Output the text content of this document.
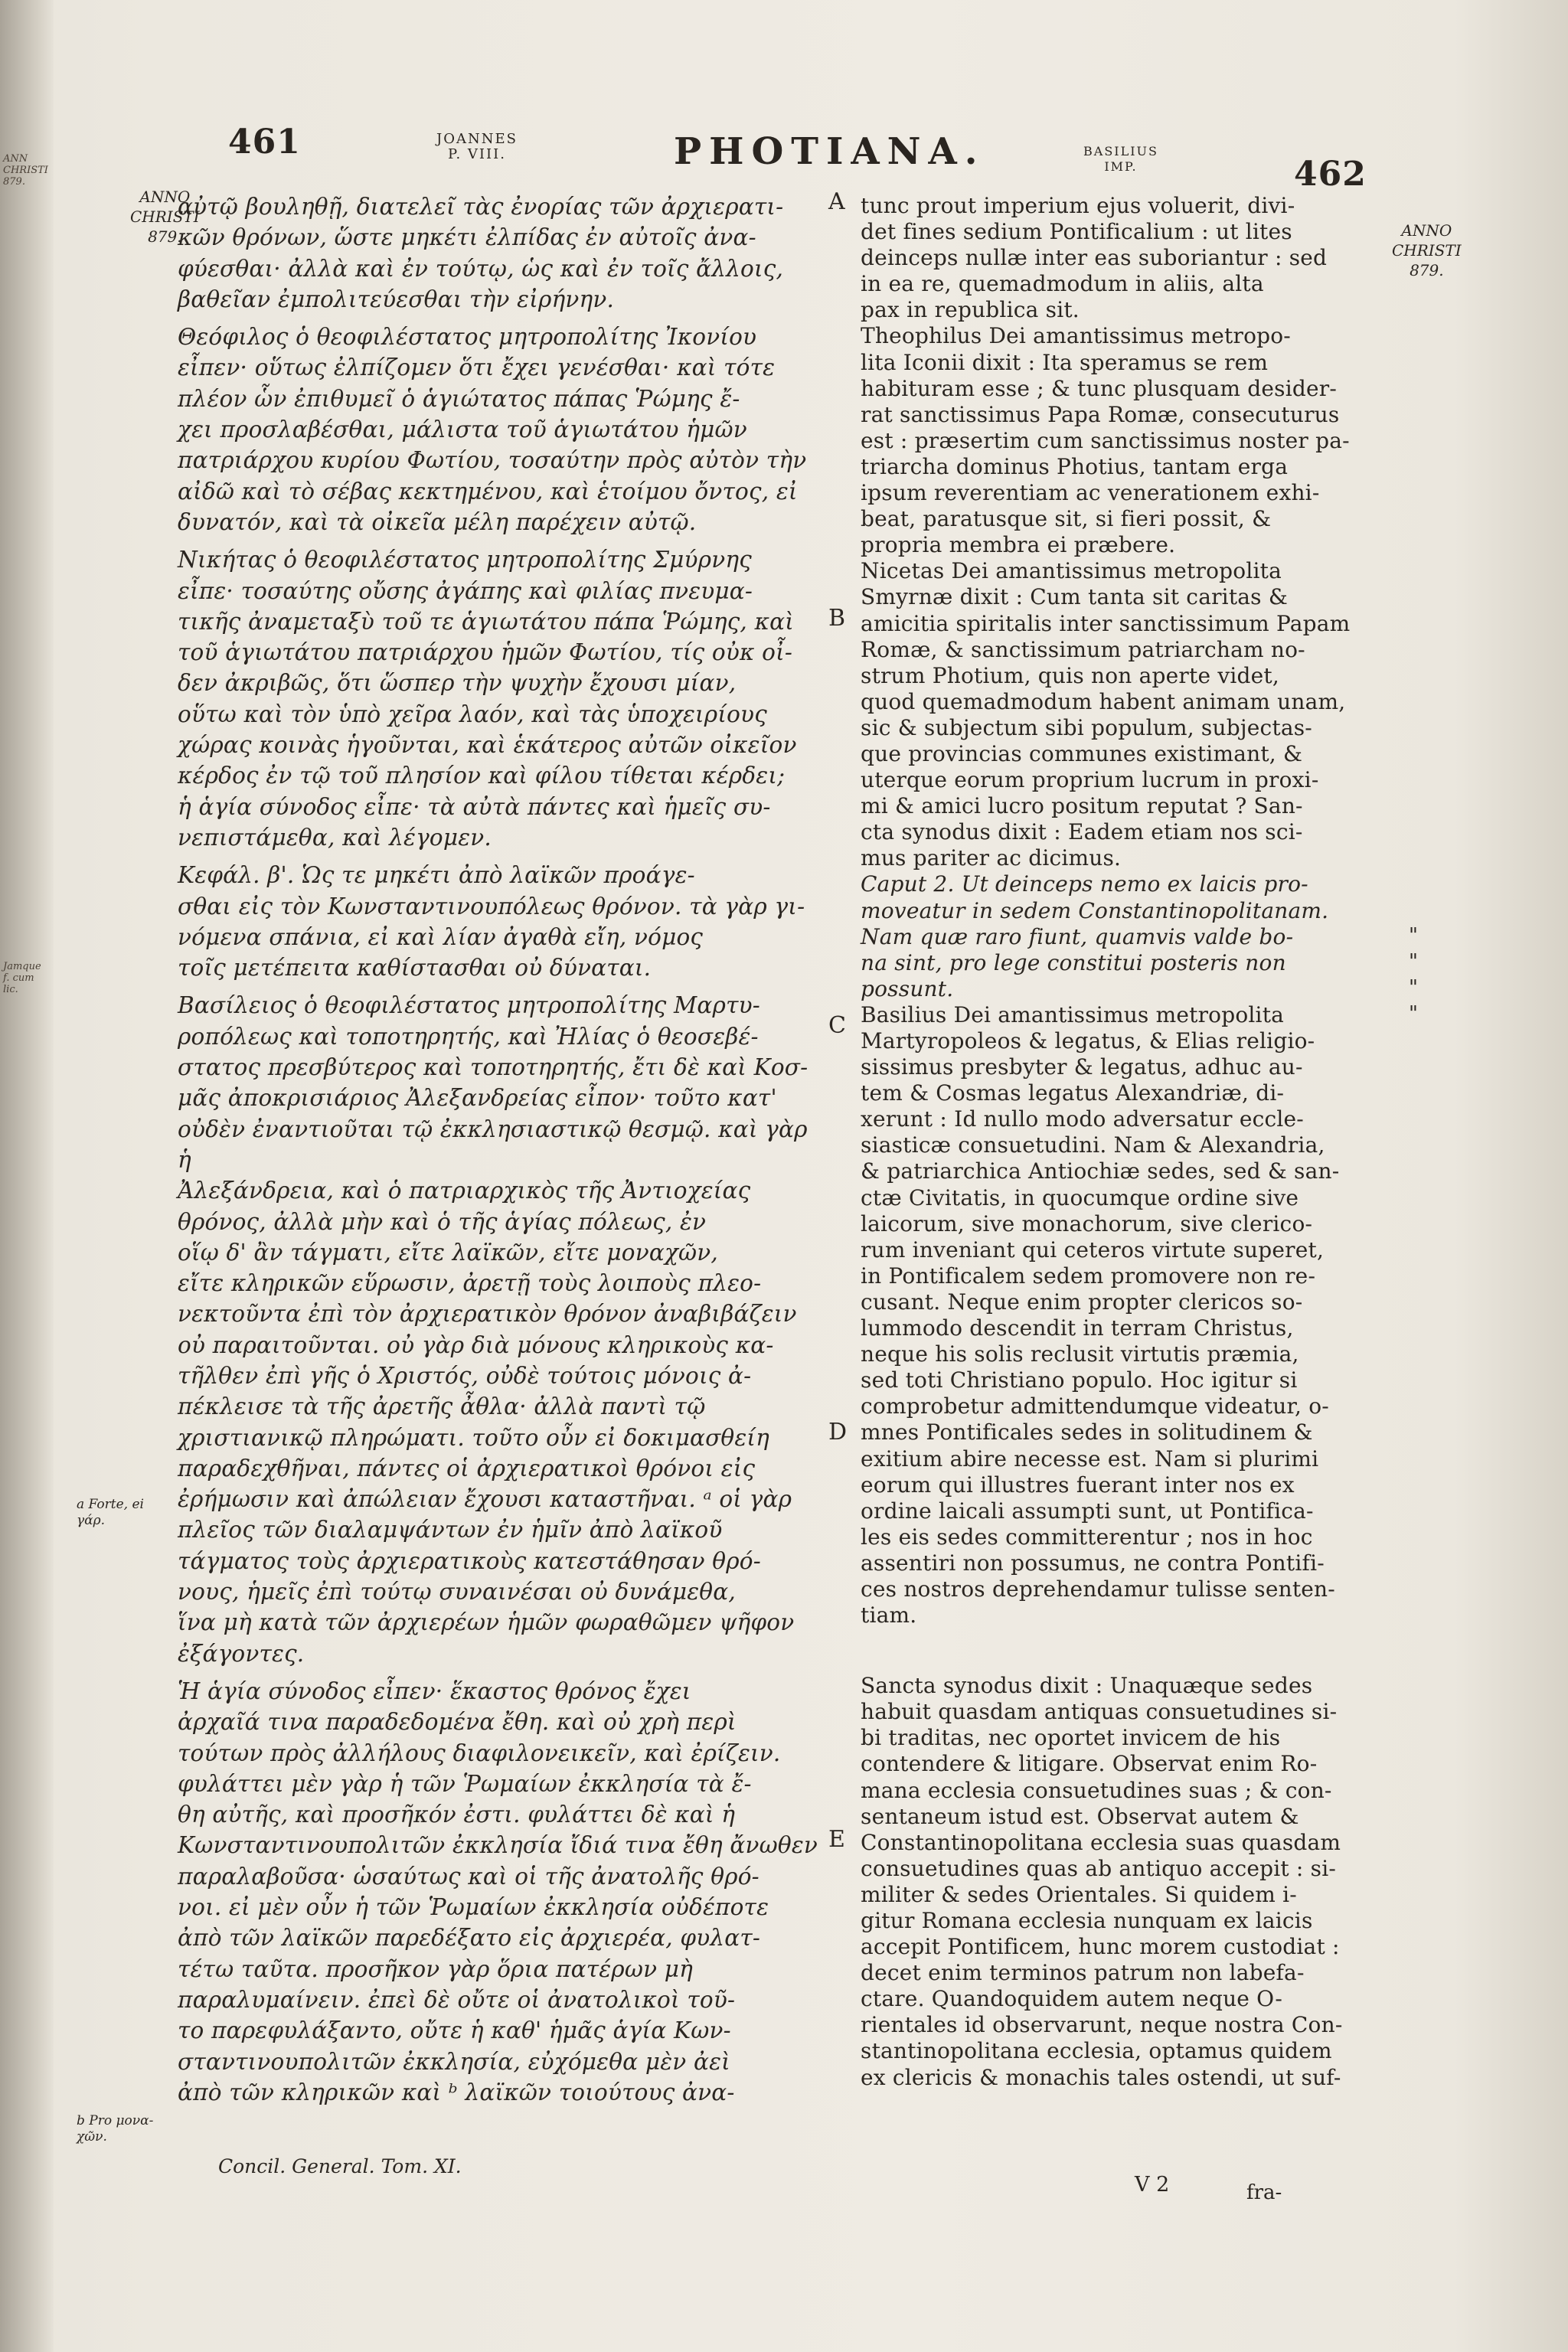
ANN
CHRISTI
879.
Jamque
f. cum
lic.
461	JOANNES
P. VIII.	PHOTIANA.	BASILIUS
IMP.	462
ANNO
CHRISTI
879.	ANNO
CHRISTI
879.
A
B
C
D
E
a Forte, ei
γάρ.
b Pro μονα-
χῶν.
"
"
"
"

αὐτῷ βουληθῇ, διατελεῖ τὰς ἐνορίας τῶν ἀρχιερατι-
κῶν θρόνων, ὥστε μηκέτι ἐλπίδας ἐν αὐτοῖς ἀνα-
φύεσθαι· ἀλλὰ καὶ ἐν τούτῳ, ὡς καὶ ἐν τοῖς ἄλλοις,
βαθεῖαν ἐμπολιτεύεσθαι τὴν εἰρήνην.

Θεόφιλος ὁ θεοφιλέστατος μητροπολίτης Ἰκονίου
εἶπεν· οὕτως ἐλπίζομεν ὅτι ἔχει γενέσθαι· καὶ τότε
πλέον ὧν ἐπιθυμεῖ ὁ ἁγιώτατος πάπας Ῥώμης ἔ-
χει προσλαβέσθαι, μάλιστα τοῦ ἁγιωτάτου ἡμῶν
πατριάρχου κυρίου Φωτίου, τοσαύτην πρὸς αὐτὸν τὴν
αἰδῶ καὶ τὸ σέβας κεκτημένου, καὶ ἑτοίμου ὄντος, εἰ
δυνατόν, καὶ τὰ οἰκεῖα μέλη παρέχειν αὐτῷ.

Νικήτας ὁ θεοφιλέστατος μητροπολίτης Σμύρνης
εἶπε· τοσαύτης οὔσης ἀγάπης καὶ φιλίας πνευμα-
τικῆς ἀναμεταξὺ τοῦ τε ἁγιωτάτου πάπα Ῥώμης, καὶ
τοῦ ἁγιωτάτου πατριάρχου ἡμῶν Φωτίου, τίς οὐκ οἶ-
δεν ἀκριβῶς, ὅτι ὥσπερ τὴν ψυχὴν ἔχουσι μίαν,
οὕτω καὶ τὸν ὑπὸ χεῖρα λαόν, καὶ τὰς ὑποχειρίους
χώρας κοινὰς ἡγοῦνται, καὶ ἑκάτερος αὐτῶν οἰκεῖον
κέρδος ἐν τῷ τοῦ πλησίον καὶ φίλου τίθεται κέρδει;
ἡ ἁγία σύνοδος εἶπε· τὰ αὐτὰ πάντες καὶ ἡμεῖς συ-
νεπιστάμεθα, καὶ λέγομεν.

Κεφάλ. β'. Ὡς τε μηκέτι ἀπὸ λαϊκῶν προάγε-
σθαι εἰς τὸν Κωνσταντινουπόλεως θρόνον. τὰ γὰρ γι-
νόμενα σπάνια, εἰ καὶ λίαν ἀγαθὰ εἴη, νόμος
τοῖς μετέπειτα καθίστασθαι οὐ δύναται.

Βασίλειος ὁ θεοφιλέστατος μητροπολίτης Μαρτυ-
ροπόλεως καὶ τοποτηρητής, καὶ Ἠλίας ὁ θεοσεβέ-
στατος πρεσβύτερος καὶ τοποτηρητής, ἔτι δὲ καὶ Κοσ-
μᾶς ἀποκρισιάριος Ἀλεξανδρείας εἶπον· τοῦτο κατ'
οὐδὲν ἐναντιοῦται τῷ ἐκκλησιαστικῷ θεσμῷ. καὶ γὰρ ἡ
Ἀλεξάνδρεια, καὶ ὁ πατριαρχικὸς τῆς Ἀντιοχείας
θρόνος, ἀλλὰ μὴν καὶ ὁ τῆς ἁγίας πόλεως, ἐν
οἵῳ δ' ἂν τάγματι, εἴτε λαϊκῶν, εἴτε μοναχῶν,
εἴτε κληρικῶν εὕρωσιν, ἀρετῇ τοὺς λοιποὺς πλεο-
νεκτοῦντα ἐπὶ τὸν ἀρχιερατικὸν θρόνον ἀναβιβάζειν
οὐ παραιτοῦνται. οὐ γὰρ διὰ μόνους κληρικοὺς κα-
τῆλθεν ἐπὶ γῆς ὁ Χριστός, οὐδὲ τούτοις μόνοις ἀ-
πέκλεισε τὰ τῆς ἀρετῆς ἆθλα· ἀλλὰ παντὶ τῷ
χριστιανικῷ πληρώματι. τοῦτο οὖν εἰ δοκιμασθείη
παραδεχθῆναι, πάντες οἱ ἀρχιερατικοὶ θρόνοι εἰς
ἐρήμωσιν καὶ ἀπώλειαν ἔχουσι καταστῆναι. ᵃ οἱ γὰρ
πλεῖος τῶν διαλαμψάντων ἐν ἡμῖν ἀπὸ λαϊκοῦ
τάγματος τοὺς ἀρχιερατικοὺς κατεστάθησαν θρό-
νους, ἡμεῖς ἐπὶ τούτῳ συναινέσαι οὐ δυνάμεθα,
ἵνα μὴ κατὰ τῶν ἀρχιερέων ἡμῶν φωραθῶμεν ψῆφον
ἐξάγοντες.

Ἡ ἁγία σύνοδος εἶπεν· ἕκαστος θρόνος ἔχει
ἀρχαῖά τινα παραδεδομένα ἔθη. καὶ οὐ χρὴ περὶ
τούτων πρὸς ἀλλήλους διαφιλονεικεῖν, καὶ ἐρίζειν.
φυλάττει μὲν γὰρ ἡ τῶν Ῥωμαίων ἐκκλησία τὰ ἔ-
θη αὐτῆς, καὶ προσῆκόν ἐστι. φυλάττει δὲ καὶ ἡ
Κωνσταντινουπολιτῶν ἐκκλησία ἴδιά τινα ἔθη ἄνωθεν
παραλαβοῦσα· ὡσαύτως καὶ οἱ τῆς ἀνατολῆς θρό-
νοι. εἰ μὲν οὖν ἡ τῶν Ῥωμαίων ἐκκλησία οὐδέποτε
ἀπὸ τῶν λαϊκῶν παρεδέξατο εἰς ἀρχιερέα, φυλατ-
τέτω ταῦτα. προσῆκον γὰρ ὅρια πατέρων μὴ
παραλυμαίνειν. ἐπεὶ δὲ οὔτε οἱ ἀνατολικοὶ τοῦ-
το παρεφυλάξαντο, οὔτε ἡ καθ' ἡμᾶς ἁγία Κων-
σταντινουπολιτῶν ἐκκλησία, εὐχόμεθα μὲν ἀεὶ
ἀπὸ τῶν κληρικῶν καὶ ᵇ λαϊκῶν τοιούτους ἀνα-

tunc prout imperium ejus voluerit, divi-
det fines sedium Pontificalium : ut lites
deinceps nullæ inter eas suboriantur : sed
in ea re, quemadmodum in aliis, alta
pax in republica sit.

Theophilus Dei amantissimus metropo-
lita Iconii dixit : Ita speramus se rem
habituram esse ; & tunc plusquam desider-
rat sanctissimus Papa Romæ, consecuturus
est : præsertim cum sanctissimus noster pa-
triarcha dominus Photius, tantam erga
ipsum reverentiam ac venerationem exhi-
beat, paratusque sit, si fieri possit, &
propria membra ei præbere.

Nicetas Dei amantissimus metropolita
Smyrnæ dixit : Cum tanta sit caritas &
amicitia spiritalis inter sanctissimum Papam
Romæ, & sanctissimum patriarcham no-
strum Photium, quis non aperte videt,
quod quemadmodum habent animam unam,
sic & subjectum sibi populum, subjectas-
que provincias communes existimant, &
uterque eorum proprium lucrum in proxi-
mi & amici lucro positum reputat ? San-
cta synodus dixit : Eadem etiam nos sci-
mus pariter ac dicimus.

Caput 2. Ut deinceps nemo ex laicis pro-
moveatur in sedem Constantinopolitanam.
Nam quæ raro fiunt, quamvis valde bo-
na sint, pro lege constitui posteris non
possunt.

Basilius Dei amantissimus metropolita
Martyropoleos & legatus, & Elias religio-
sissimus presbyter & legatus, adhuc au-
tem & Cosmas legatus Alexandriæ, di-
xerunt : Id nullo modo adversatur eccle-
siasticæ consuetudini. Nam & Alexandria,
& patriarchica Antiochiæ sedes, sed & san-
ctæ Civitatis, in quocumque ordine sive
laicorum, sive monachorum, sive clerico-
rum inveniant qui ceteros virtute superet,
in Pontificalem sedem promovere non re-
cusant. Neque enim propter clericos so-
lummodo descendit in terram Christus,
neque his solis reclusit virtutis præmia,
sed toti Christiano populo. Hoc igitur si
comprobetur admittendumque videatur, o-
mnes Pontificales sedes in solitudinem &
exitium abire necesse est. Nam si plurimi
eorum qui illustres fuerant inter nos ex
ordine laicali assumpti sunt, ut Pontifica-
les eis sedes committerentur ; nos in hoc
assentiri non possumus, ne contra Pontifi-
ces nostros deprehendamur tulisse senten-
tiam.

Sancta synodus dixit : Unaquæque sedes
habuit quasdam antiquas consuetudines si-
bi traditas, nec oportet invicem de his
contendere & litigare. Observat enim Ro-
mana ecclesia consuetudines suas ; & con-
sentaneum istud est. Observat autem &
Constantinopolitana ecclesia suas quasdam
consuetudines quas ab antiquo accepit : si-
militer & sedes Orientales. Si quidem i-
gitur Romana ecclesia nunquam ex laicis
accepit Pontificem, hunc morem custodiat :
decet enim terminos patrum non labefa-
ctare. Quandoquidem autem neque O-
rientales id observarunt, neque nostra Con-
stantinopolitana ecclesia, optamus quidem
ex clericis & monachis tales ostendi, ut suf-

Concil. General. Tom. XI.
V 2	fra-
